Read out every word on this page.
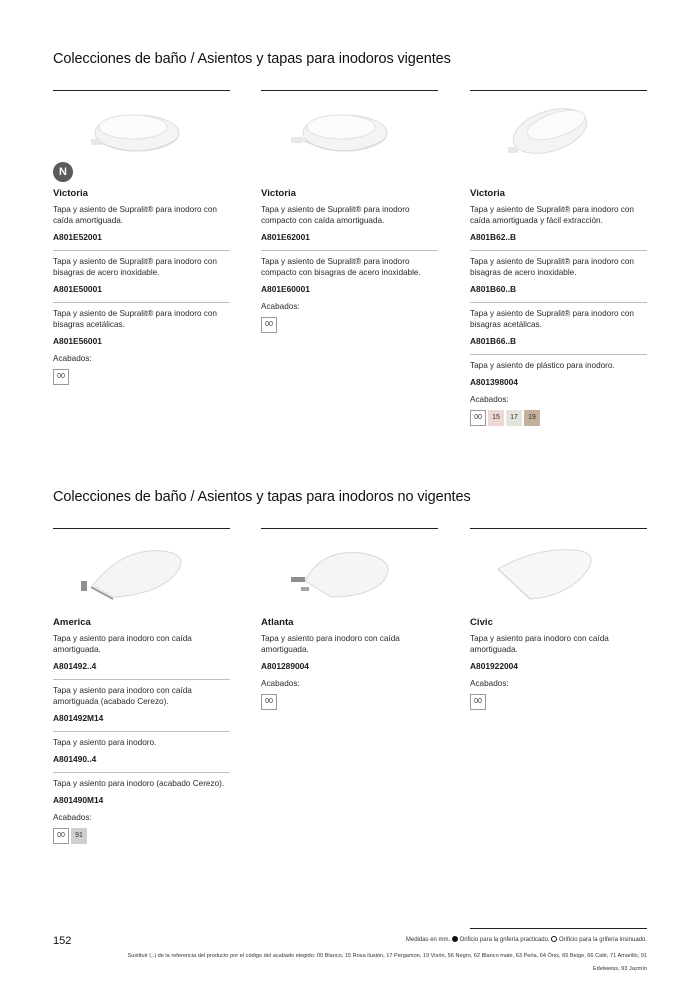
Colecciones de baño / Asientos y tapas para inodoros vigentes
N
Victoria
Tapa y asiento de Supralit® para inodoro con caída amortiguada.
A801E52001
Tapa y asiento de Supralit® para inodoro con bisagras de acero inoxidable.
A801E50001
Tapa y asiento de Supralit® para inodoro con bisagras acetálicas.
A801E56001
Acabados:
00
Victoria
Tapa y asiento de Supralit® para inodoro compacto con caída amortiguada.
A801E62001
Tapa y asiento de Supralit® para inodoro compacto con bisagras de acero inoxidable.
A801E60001
Acabados:
00
Victoria
Tapa y asiento de Supralit® para inodoro con caída amortiguada y fácil extracción.
A801B62..B
Tapa y asiento de Supralit® para inodoro con bisagras de acero inoxidable.
A801B60..B
Tapa y asiento de Supralit® para inodoro con bisagras acetálicas.
A801B66..B
Tapa y asiento de plástico para inodoro.
A801398004
Acabados:
00	15	17	19
Colecciones de baño / Asientos y tapas para inodoros no vigentes
America
Tapa y asiento para inodoro con caída amortiguada.
A801492..4
Tapa y asiento para inodoro con caída amortiguada (acabado Cerezo).
A801492M14
Tapa y asiento para inodoro.
A801490..4
Tapa y asiento para inodoro (acabado Cerezo).
A801490M14
Acabados:
00	91
Atlanta
Tapa y asiento para inodoro con caída amortiguada.
A801289004
Acabados:
00
Civic
Tapa y asiento para inodoro con caída amortiguada.
A801922004
Acabados:
00
152	Medidas en mm. Orificio para la grifería practicado. Orificio para la grifería insinuado.
Sustituir (..) de la referencia del producto por el código del acabado elegido: 00 Blanco, 15 Rosa ilusión, 17 Pergamon, 19 Visón, 56 Negro, 62 Blanco mate, 63 Perla, 64 Ónix, 65 Beige, 66 Café, 71 Amarillo, 91
Edelweiss, 93 Jazmín
